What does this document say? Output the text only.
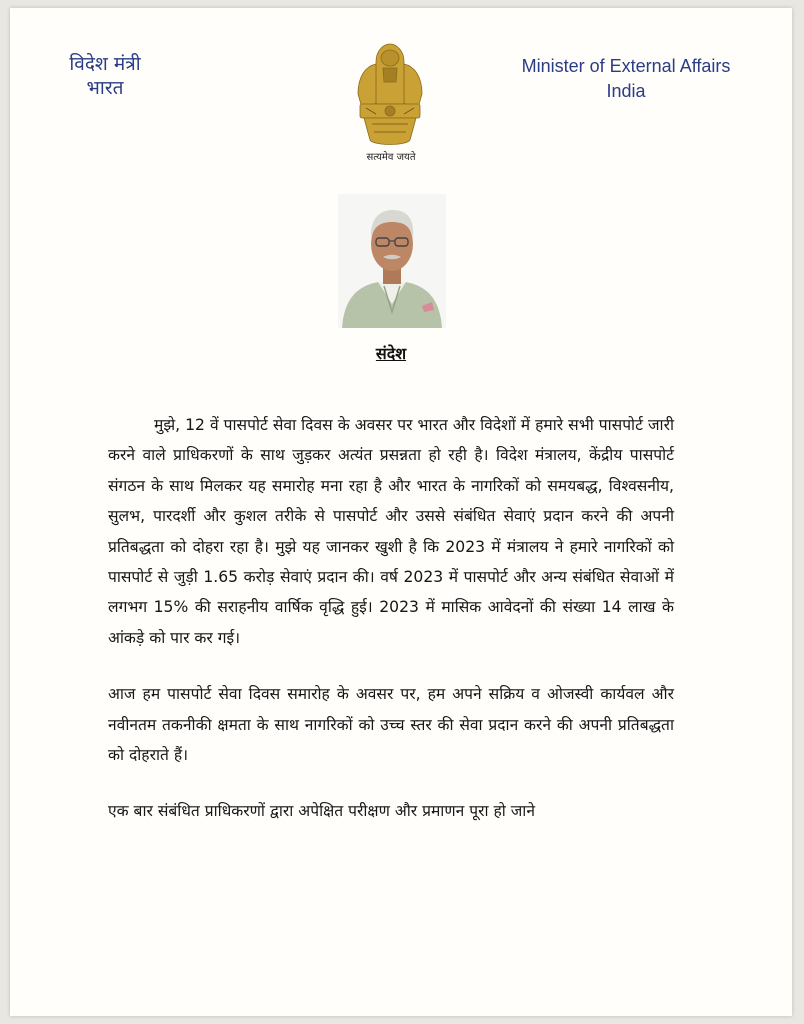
विदेश मंत्री
भारत
Minister of External Affairs
India
सत्यमेव जयते
संदेश

मुझे, 12 वें पासपोर्ट सेवा दिवस के अवसर पर भारत और विदेशों में हमारे सभी पासपोर्ट जारी करने वाले प्राधिकरणों के साथ जुड़कर अत्यंत प्रसन्नता हो रही है। विदेश मंत्रालय, केंद्रीय पासपोर्ट संगठन के साथ मिलकर यह समारोह मना रहा है और भारत के नागरिकों को समयबद्ध, विश्वसनीय, सुलभ, पारदर्शी और कुशल तरीके से पासपोर्ट और उससे संबंधित सेवाएं प्रदान करने की अपनी प्रतिबद्धता को दोहरा रहा है। मुझे यह जानकर खुशी है कि 2023 में मंत्रालय ने हमारे नागरिकों को पासपोर्ट से जुड़ी 1.65 करोड़ सेवाएं प्रदान की। वर्ष 2023 में पासपोर्ट और अन्य संबंधित सेवाओं में लगभग 15% की सराहनीय वार्षिक वृद्धि हुई। 2023 में मासिक आवेदनों की संख्या 14 लाख के आंकड़े को पार कर गई।

आज हम पासपोर्ट सेवा दिवस समारोह के अवसर पर, हम अपने सक्रिय व ओजस्वी कार्यवल और नवीनतम तकनीकी क्षमता के साथ नागरिकों को उच्च स्तर की सेवा प्रदान करने की अपनी प्रतिबद्धता को दोहराते हैं।

एक बार संबंधित प्राधिकरणों द्वारा अपेक्षित परीक्षण और प्रमाणन पूरा हो जाने
